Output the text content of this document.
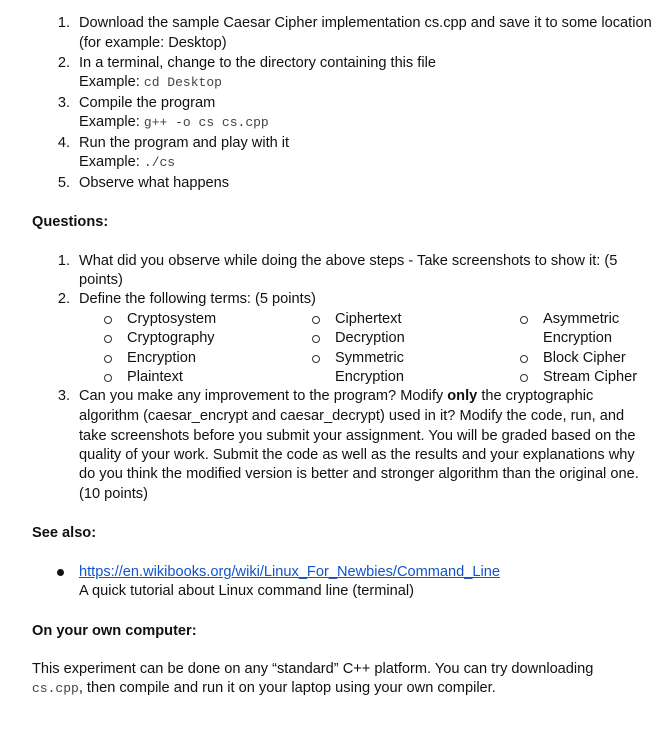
1. Download the sample Caesar Cipher implementation cs.cpp and save it to some location
(for example: Desktop)
2. In a terminal, change to the directory containing this file
Example: cd Desktop
3. Compile the program
Example: g++ -o cs cs.cpp
4. Run the program and play with it
Example: ./cs
5. Observe what happens
Questions:
1. What did you observe while doing the above steps - Take screenshots to show it: (5
points)
2. Define the following terms: (5 points)
Cryptosystem
Cryptography
Encryption
Plaintext
Ciphertext
Decryption
Symmetric
Encryption
Asymmetric
Encryption
Block Cipher
Stream Cipher
3. Can you make any improvement to the program? Modify only the cryptographic
algorithm (caesar_encrypt and caesar_decrypt) used in it? Modify the code, run, and
take screenshots before you submit your assignment. You will be graded based on the
quality of your work. Submit the code as well as the results and your explanations why
do you think the modified version is better and stronger algorithm than the original one.
(10 points)
See also:
https://en.wikibooks.org/wiki/Linux_For_Newbies/Command_Line
A quick tutorial about Linux command line (terminal)
On your own computer:
This experiment can be done on any “standard” C++ platform. You can try downloading
cs.cpp, then compile and run it on your laptop using your own compiler.
